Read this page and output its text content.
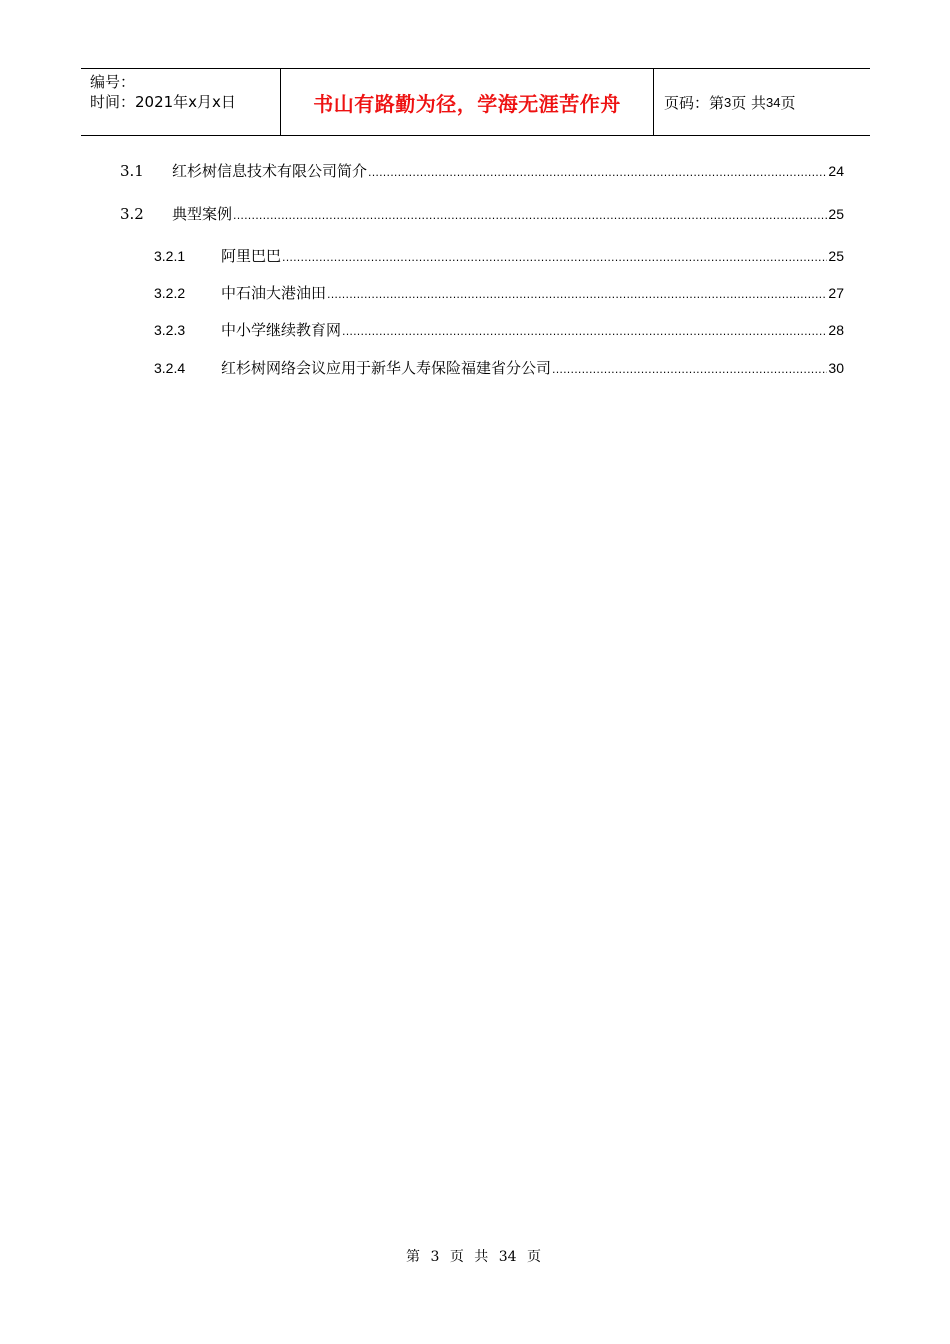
编号：
时间：2021年x月x日	书山有路勤为径，学海无涯苦作舟	页码：第 3 页 共 34 页
3.1	红杉树信息技术有限公司简介 .....	24
3.2	典型案例 .....	25
3.2.1	阿里巴巴 .....	25
3.2.2	中石油大港油田 .....	27
3.2.3	中小学继续教育网 .....	28
3.2.4	红杉树网络会议应用于新华人寿保险福建省分公司 .....	30
第 3 页 共 34 页
